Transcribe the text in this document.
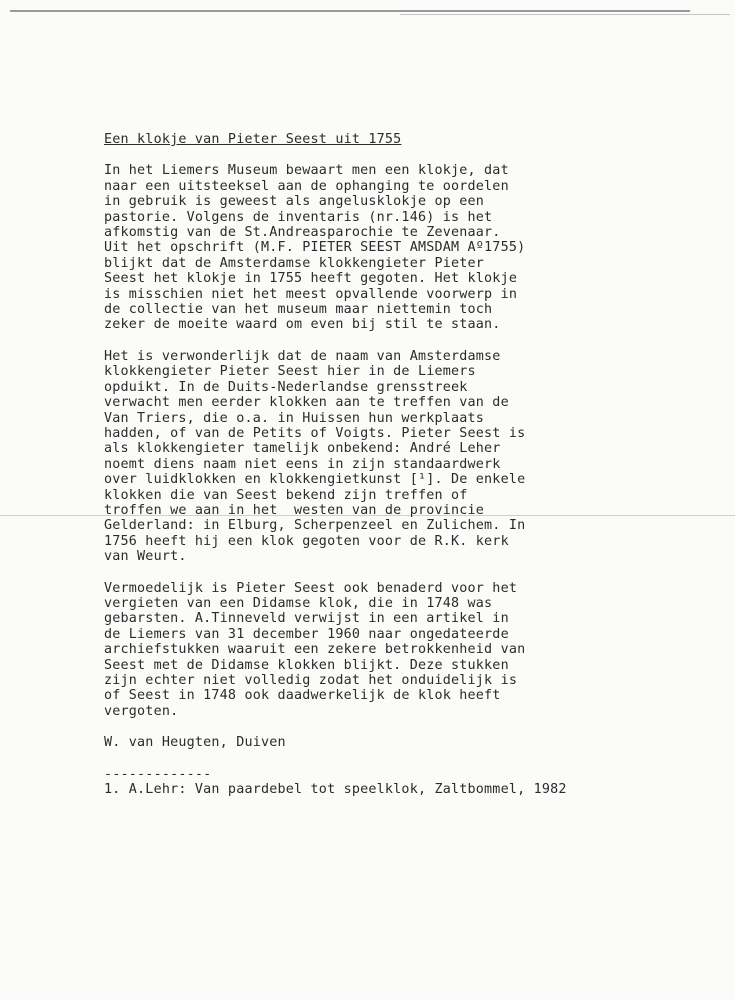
Een klokje van Pieter Seest uit 1755
In het Liemers Museum bewaart men een klokje, dat
naar een uitsteeksel aan de ophanging te oordelen
in gebruik is geweest als angelusklokje op een
pastorie. Volgens de inventaris (nr.146) is het
afkomstig van de St.Andreasparochie te Zevenaar.
Uit het opschrift (M.F. PIETER SEEST AMSDAM Aº1755)
blijkt dat de Amsterdamse klokkengieter Pieter
Seest het klokje in 1755 heeft gegoten. Het klokje
is misschien niet het meest opvallende voorwerp in
de collectie van het museum maar niettemin toch
zeker de moeite waard om even bij stil te staan.
Het is verwonderlijk dat de naam van Amsterdamse
klokkengieter Pieter Seest hier in de Liemers
opduikt. In de Duits-Nederlandse grensstreek
verwacht men eerder klokken aan te treffen van de
Van Triers, die o.a. in Huissen hun werkplaats
hadden, of van de Petits of Voigts. Pieter Seest is
als klokkengieter tamelijk onbekend: André Leher
noemt diens naam niet eens in zijn standaardwerk
over luidklokken en klokkengietkunst [¹]. De enkele
klokken die van Seest bekend zijn treffen of
troffen we aan in het  westen van de provincie
Gelderland: in Elburg, Scherpenzeel en Zulichem. In
1756 heeft hij een klok gegoten voor de R.K. kerk
van Weurt.
Vermoedelijk is Pieter Seest ook benaderd voor het
vergieten van een Didamse klok, die in 1748 was
gebarsten. A.Tinneveld verwijst in een artikel in
de Liemers van 31 december 1960 naar ongedateerde
archiefstukken waaruit een zekere betrokkenheid van
Seest met de Didamse klokken blijkt. Deze stukken
zijn echter niet volledig zodat het onduidelijk is
of Seest in 1748 ook daadwerkelijk de klok heeft
vergoten.
W. van Heugten, Duiven
-------------
1. A.Lehr: Van paardebel tot speelklok, Zaltbommel, 1982
